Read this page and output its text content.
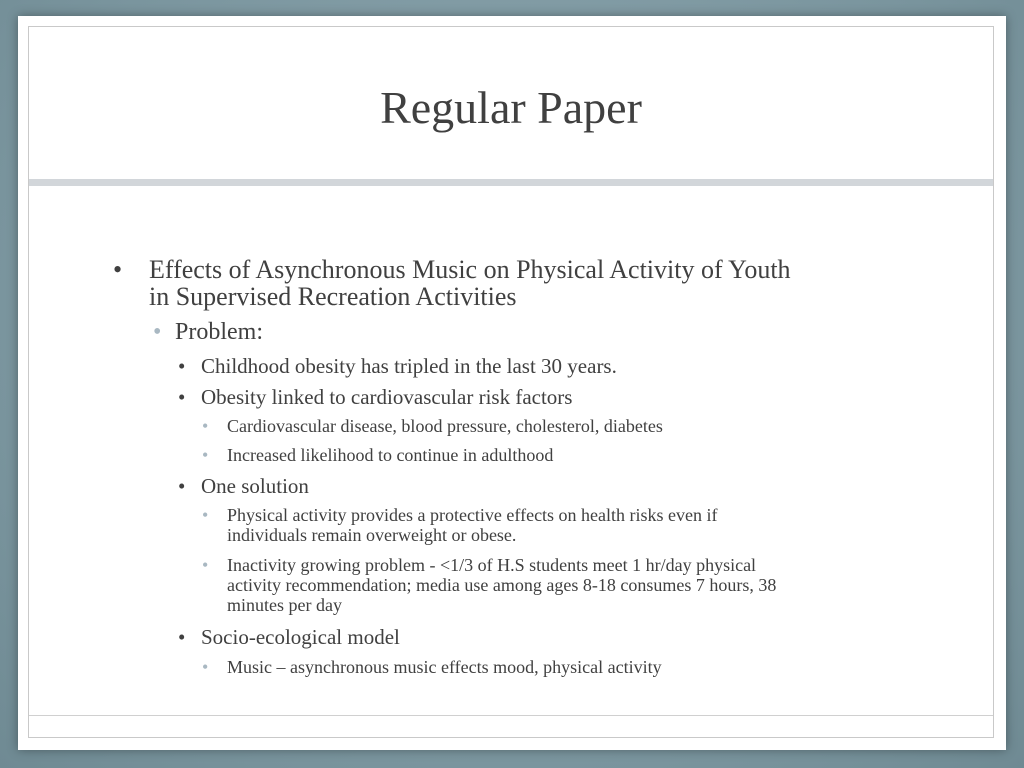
Regular Paper
• Effects of Asynchronous Music on Physical Activity of Youth
in Supervised Recreation Activities
• Problem:
• Childhood obesity has tripled in the last 30 years.
• Obesity linked to cardiovascular risk factors
• Cardiovascular disease, blood pressure, cholesterol, diabetes
• Increased likelihood to continue in adulthood
• One solution
• Physical activity provides a protective effects on health risks even if
individuals remain overweight or obese.
• Inactivity growing problem - <1/3 of H.S students meet 1 hr/day physical
activity recommendation; media use among ages 8-18 consumes 7 hours, 38
minutes per day
• Socio-ecological model
• Music – asynchronous music effects mood, physical activity
